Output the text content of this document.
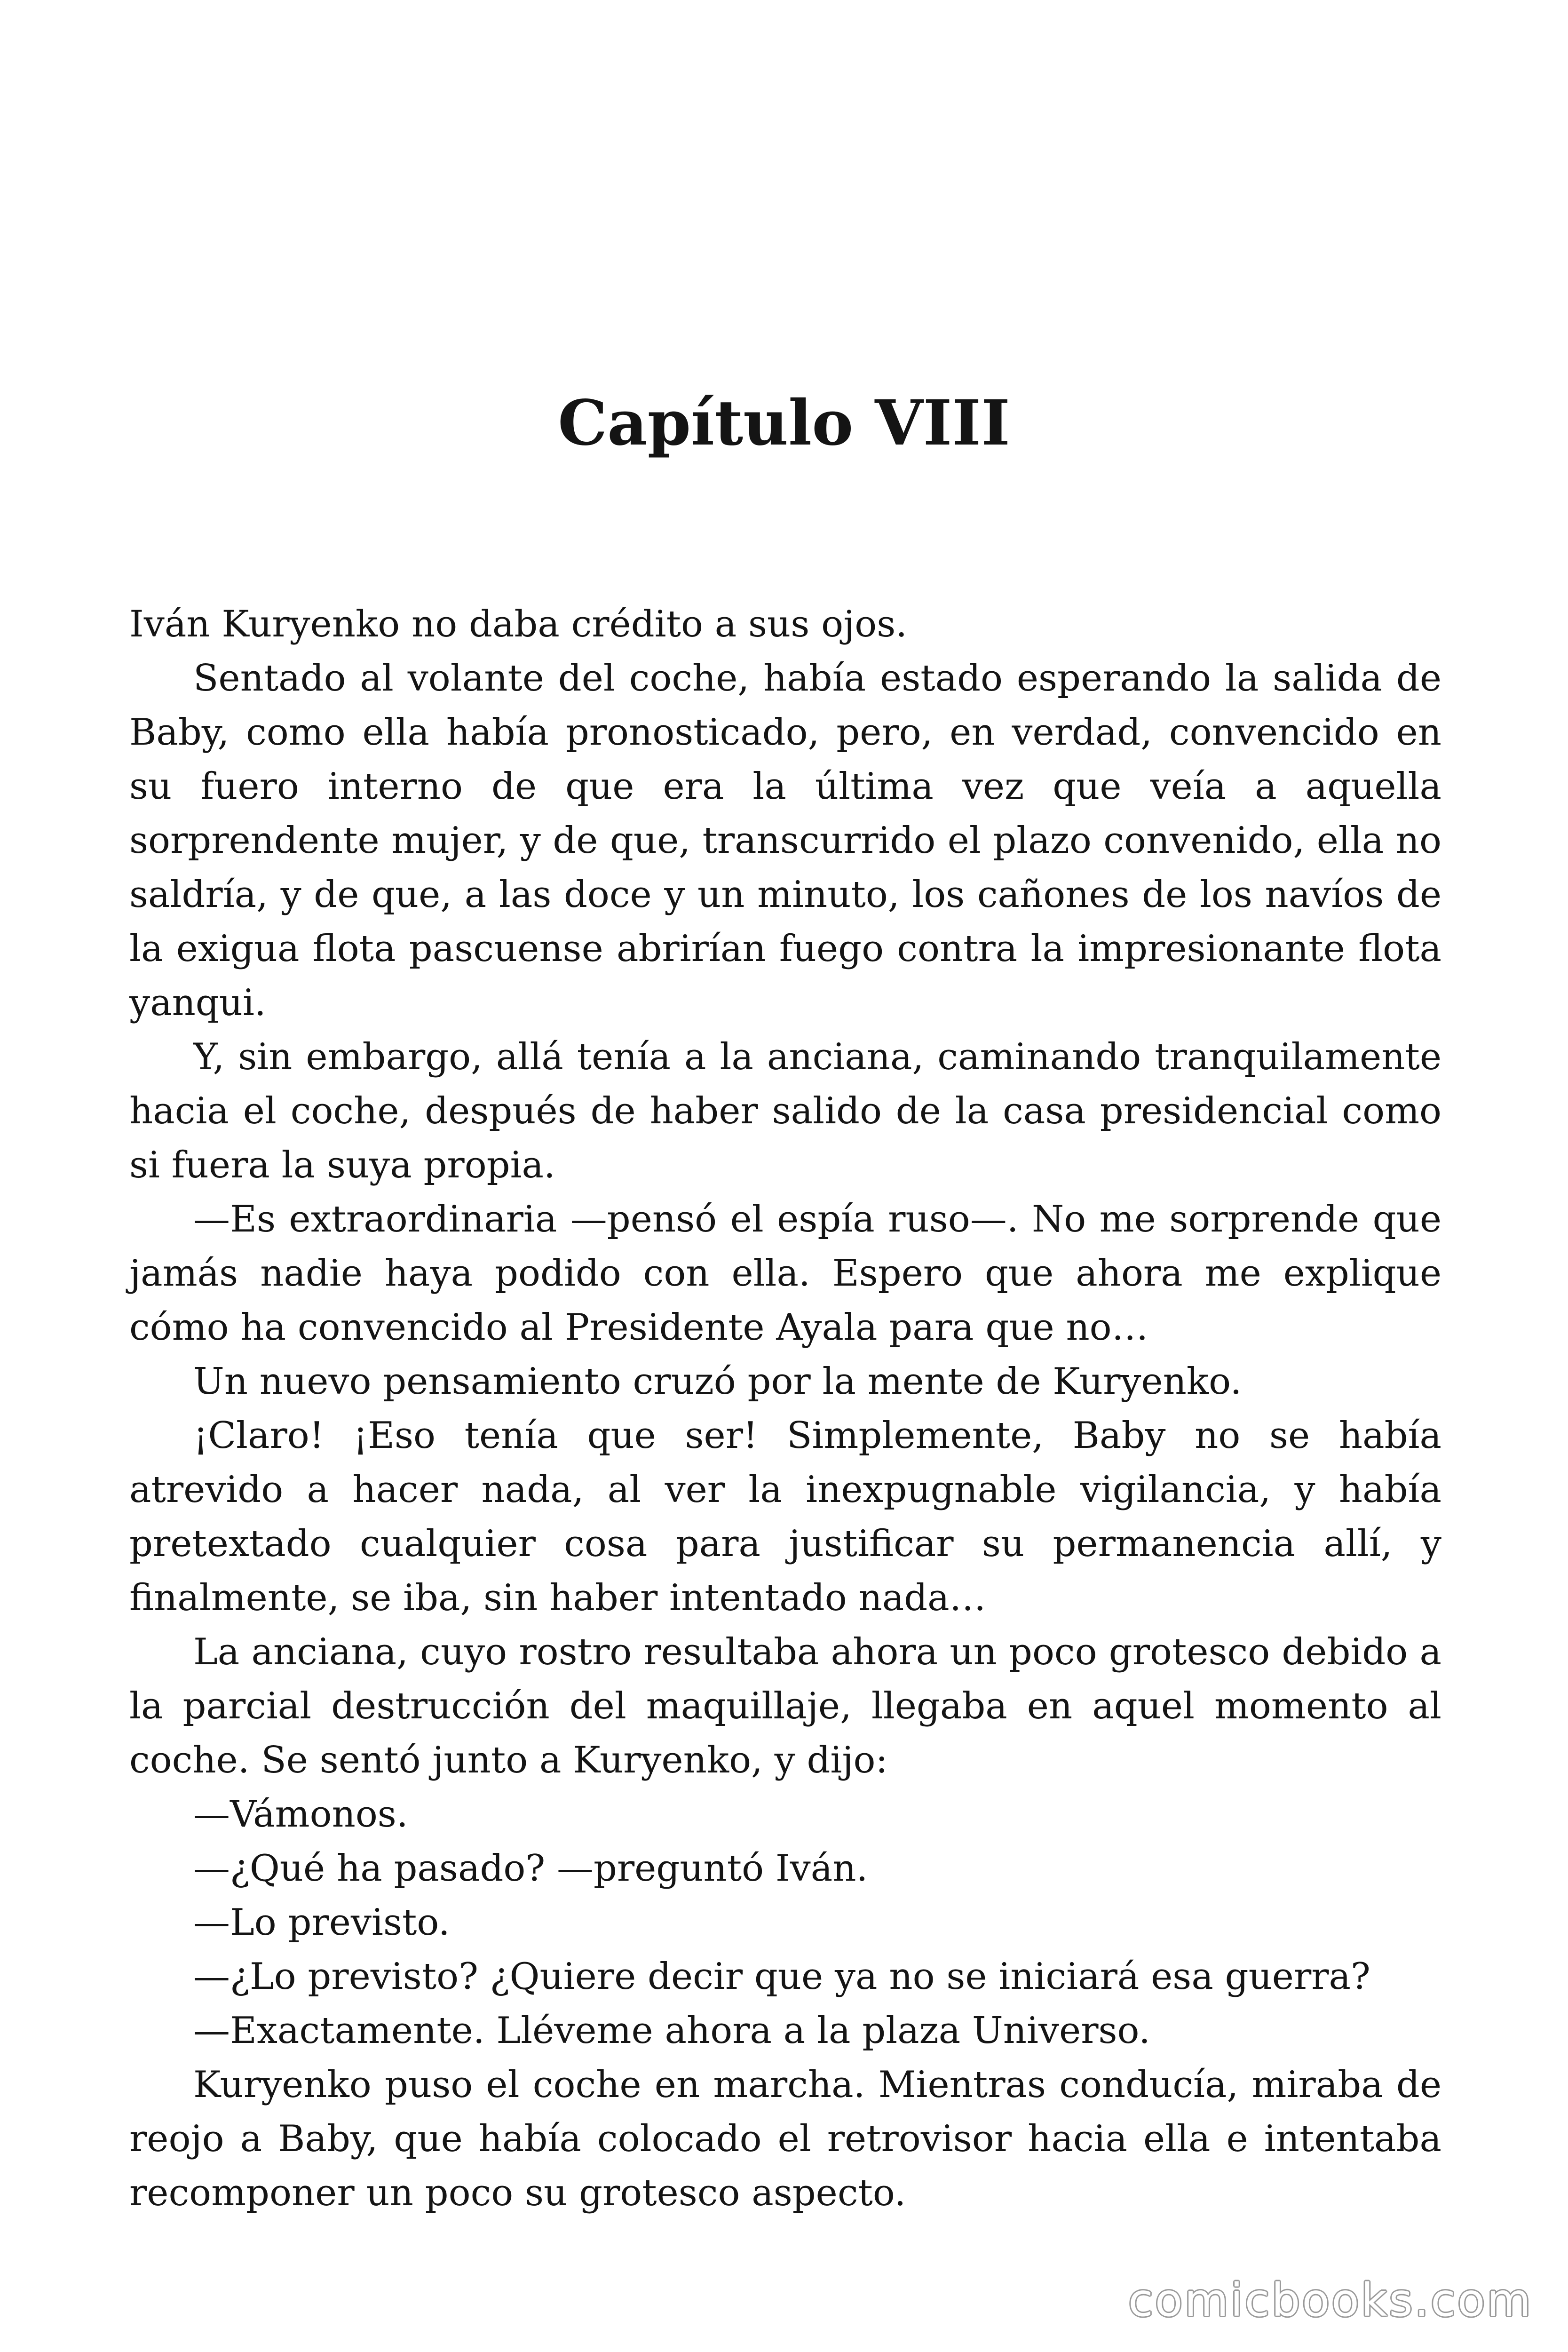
Capítulo VIII

Iván Kuryenko no daba crédito a sus ojos.

Sentado al volante del coche, había estado esperando la salida de Baby, como ella había pronosticado, pero, en verdad, convencido en su fuero interno de que era la última vez que veía a aquella sorprendente mujer, y de que, transcurrido el plazo convenido, ella no saldría, y de que, a las doce y un minuto, los cañones de los navíos de la exigua flota pascuense abrirían fuego contra la impresionante flota yanqui.

Y, sin embargo, allá tenía a la anciana, caminando tranquilamente hacia el coche, después de haber salido de la casa presidencial como si fuera la suya propia.

—Es extraordinaria —pensó el espía ruso—. No me sorprende que jamás nadie haya podido con ella. Espero que ahora me explique cómo ha convencido al Presidente Ayala para que no…

Un nuevo pensamiento cruzó por la mente de Kuryenko.

¡Claro! ¡Eso tenía que ser! Simplemente, Baby no se había atrevido a hacer nada, al ver la inexpugnable vigilancia, y había pretextado cualquier cosa para justificar su permanencia allí, y finalmente, se iba, sin haber intentado nada…

La anciana, cuyo rostro resultaba ahora un poco grotesco debido a la parcial destrucción del maquillaje, llegaba en aquel momento al coche. Se sentó junto a Kuryenko, y dijo:

—Vámonos.

—¿Qué ha pasado? —preguntó Iván.

—Lo previsto.

—¿Lo previsto? ¿Quiere decir que ya no se iniciará esa guerra?

—Exactamente. Lléveme ahora a la plaza Universo.

Kuryenko puso el coche en marcha. Mientras conducía, miraba de reojo a Baby, que había colocado el retrovisor hacia ella e intentaba recomponer un poco su grotesco aspecto.

comicbooks.com
